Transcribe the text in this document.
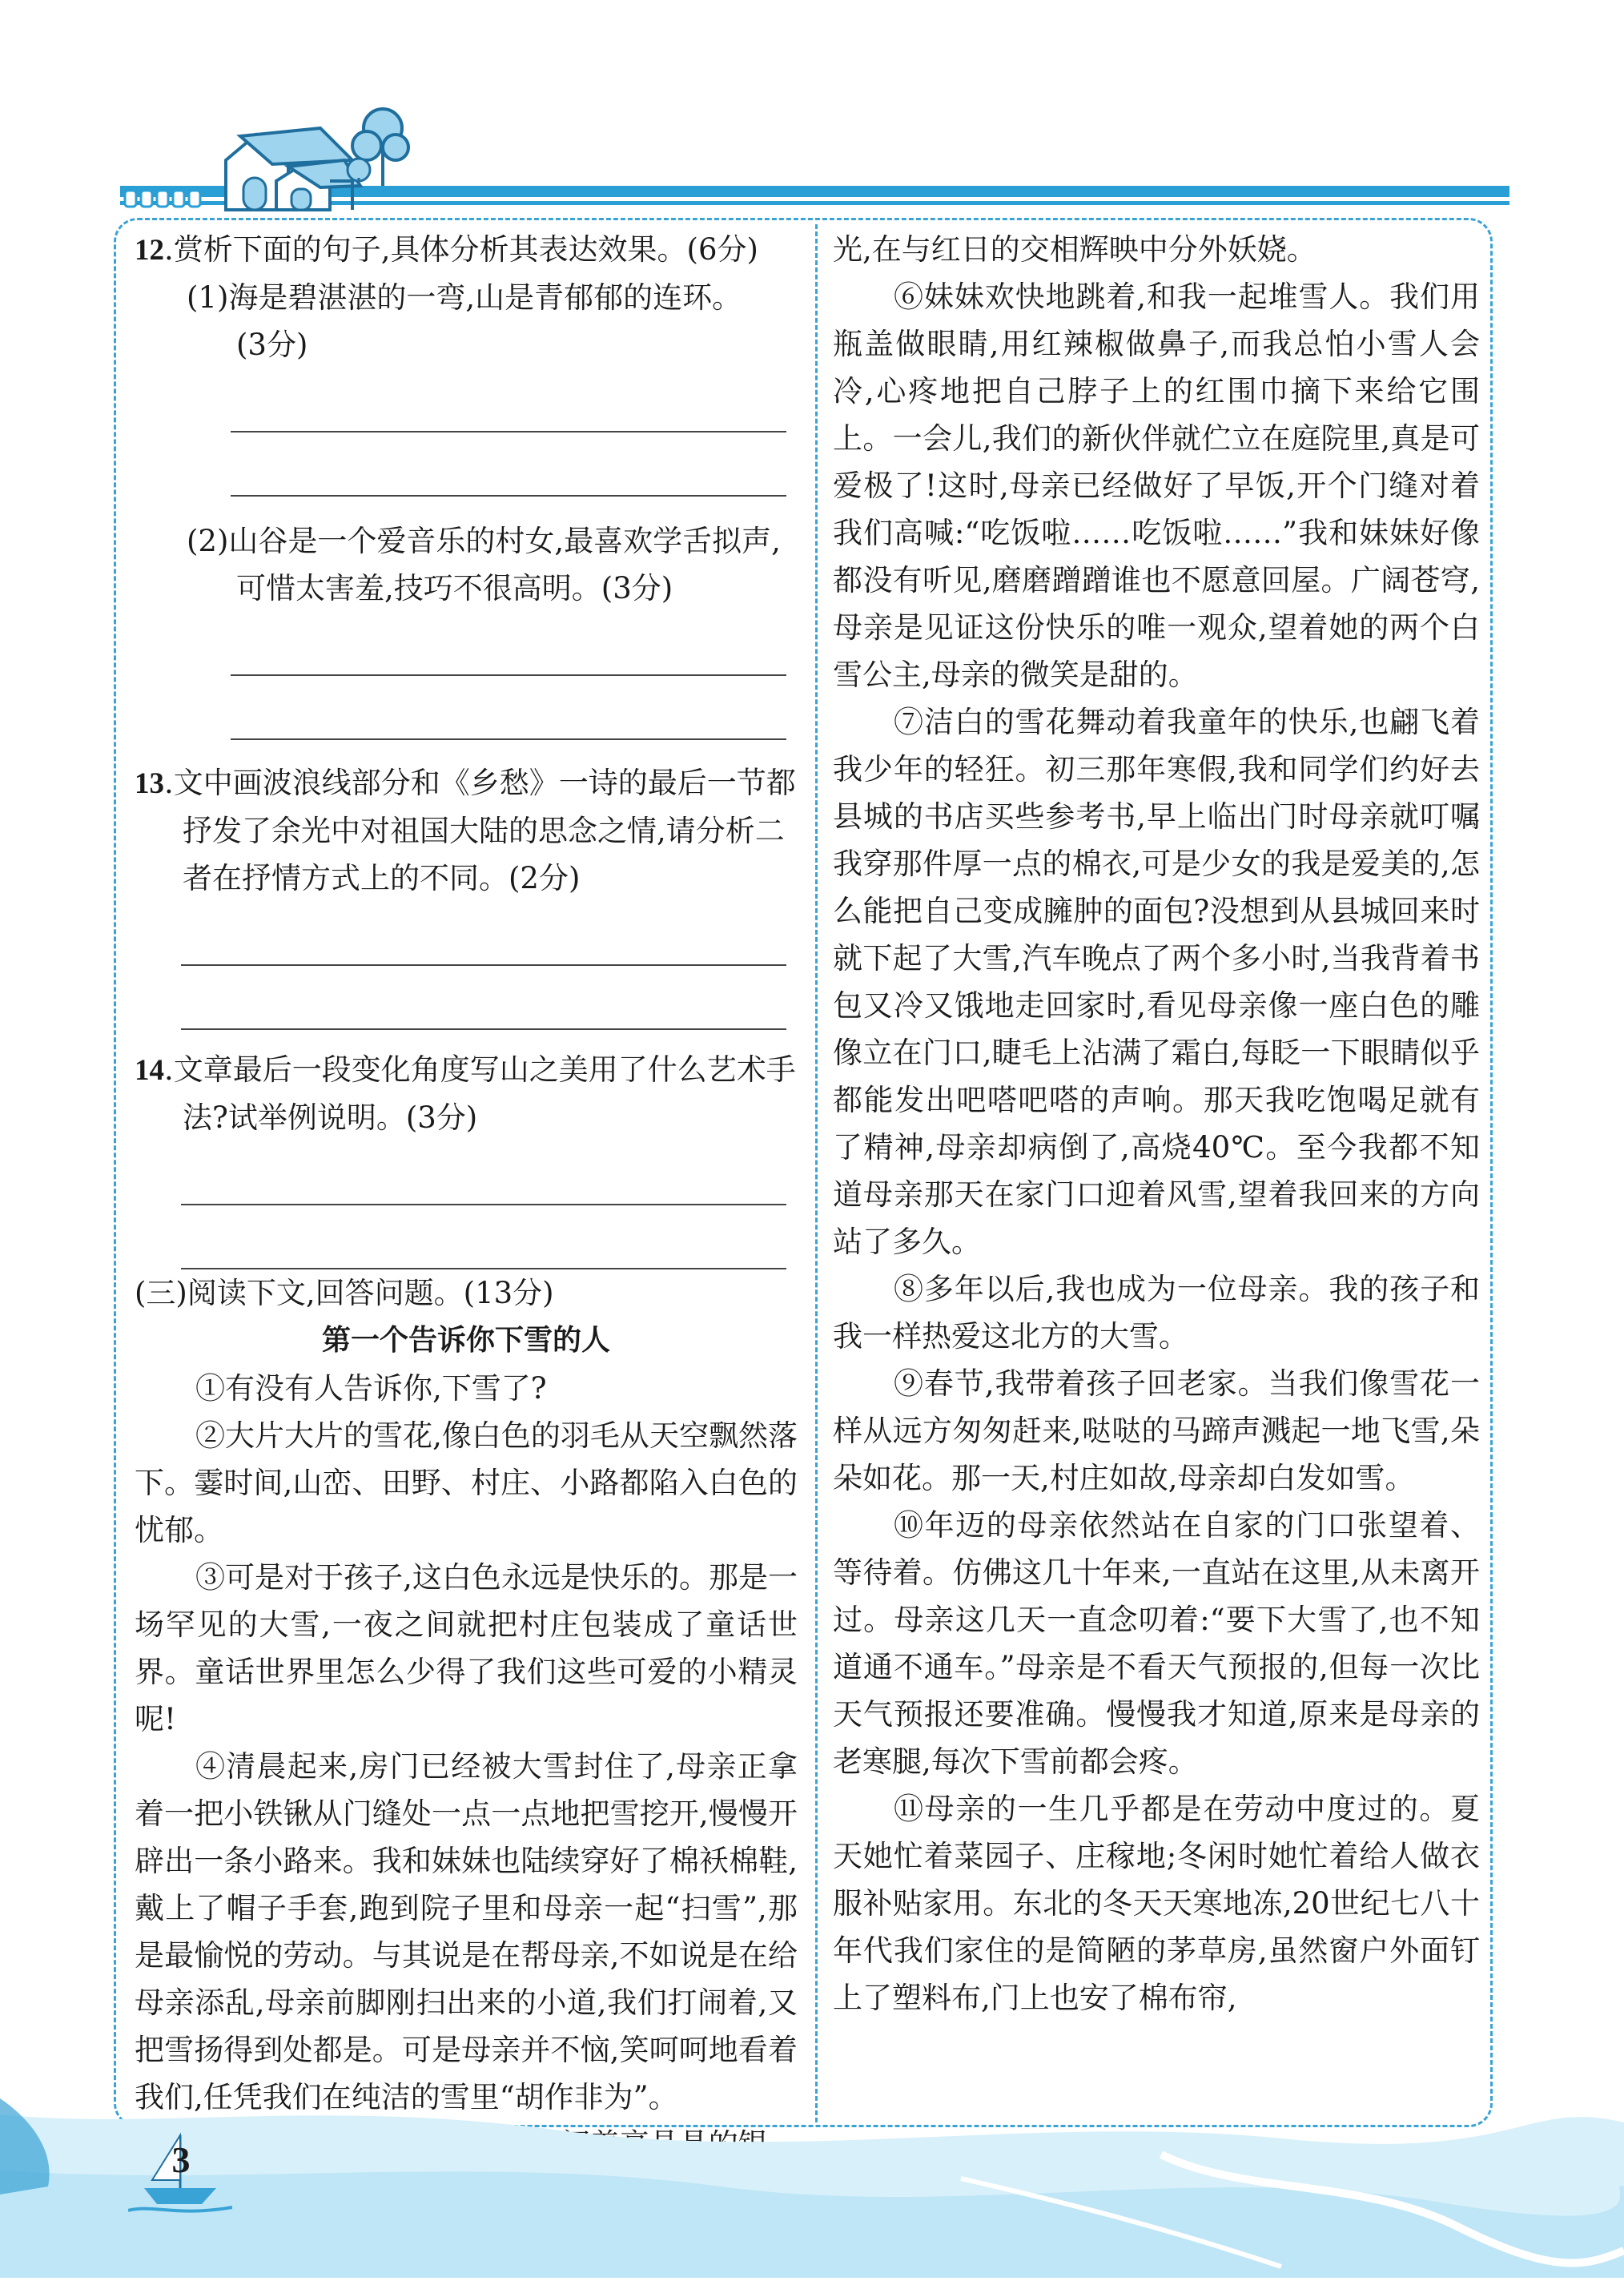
12.赏析下面的句子,具体分析其表达效果。(6分)

(1)海是碧湛湛的一弯,山是青郁郁的连环。
(3分)

(2)山谷是一个爱音乐的村女,最喜欢学舌拟声,可惜太害羞,技巧不很高明。(3分)

13.文中画波浪线部分和《乡愁》一诗的最后一节都抒发了余光中对祖国大陆的思念之情,请分析二者在抒情方式上的不同。(2分)

14.文章最后一段变化角度写山之美用了什么艺术手法?试举例说明。(3分)

(三)阅读下文,回答问题。(13分)

第一个告诉你下雪的人

①有没有人告诉你,下雪了?

②大片大片的雪花,像白色的羽毛从天空飘然落下。霎时间,山峦、田野、村庄、小路都陷入白色的忧郁。

③可是对于孩子,这白色永远是快乐的。那是一场罕见的大雪,一夜之间就把村庄包装成了童话世界。童话世界里怎么少得了我们这些可爱的小精灵呢!

④清晨起来,房门已经被大雪封住了,母亲正拿着一把小铁锹从门缝处一点一点地把雪挖开,慢慢开辟出一条小路来。我和妹妹也陆续穿好了棉袄棉鞋,戴上了帽子手套,跑到院子里和母亲一起“扫雪”,那是最愉悦的劳动。与其说是在帮母亲,不如说是在给母亲添乱,母亲前脚刚扫出来的小道,我们打闹着,又把雪扬得到处都是。可是母亲并不恼,笑呵呵地看着我们,任凭我们在纯洁的雪里“胡作非为”。

光,在与红日的交相辉映中分外妖娆。

⑥妹妹欢快地跳着,和我一起堆雪人。我们用瓶盖做眼睛,用红辣椒做鼻子,而我总怕小雪人会冷,心疼地把自己脖子上的红围巾摘下来给它围上。一会儿,我们的新伙伴就伫立在庭院里,真是可爱极了!这时,母亲已经做好了早饭,开个门缝对着我们高喊:“吃饭啦……吃饭啦……”我和妹妹好像都没有听见,磨磨蹭蹭谁也不愿意回屋。广阔苍穹,母亲是见证这份快乐的唯一观众,望着她的两个白雪公主,母亲的微笑是甜的。

⑦洁白的雪花舞动着我童年的快乐,也翩飞着我少年的轻狂。初三那年寒假,我和同学们约好去县城的书店买些参考书,早上临出门时母亲就叮嘱我穿那件厚一点的棉衣,可是少女的我是爱美的,怎么能把自己变成臃肿的面包?没想到从县城回来时就下起了大雪,汽车晚点了两个多小时,当我背着书包又冷又饿地走回家时,看见母亲像一座白色的雕像立在门口,睫毛上沾满了霜白,每眨一下眼睛似乎都能发出吧嗒吧嗒的声响。那天我吃饱喝足就有了精神,母亲却病倒了,高烧40℃。至今我都不知道母亲那天在家门口迎着风雪,望着我回来的方向站了多久。

⑧多年以后,我也成为一位母亲。我的孩子和我一样热爱这北方的大雪。

⑨春节,我带着孩子回老家。当我们像雪花一样从远方匆匆赶来,哒哒的马蹄声溅起一地飞雪,朵朵如花。那一天,村庄如故,母亲却白发如雪。

⑩年迈的母亲依然站在自家的门口张望着、等待着。仿佛这几十年来,一直站在这里,从未离开过。母亲这几天一直念叨着:“要下大雪了,也不知道通不通车。”母亲是不看天气预报的,但每一次比天气预报还要准确。慢慢我才知道,原来是母亲的老寒腿,每次下雪前都会疼。

⑪母亲的一生几乎都是在劳动中度过的。夏天她忙着菜园子、庄稼地;冬闲时她忙着给人做衣服补贴家用。东北的冬天天寒地冻,20世纪七八十年代我们家住的是简陋的茅草房,虽然窗户外面钉上了塑料布,门上也安了棉布帘,

3
